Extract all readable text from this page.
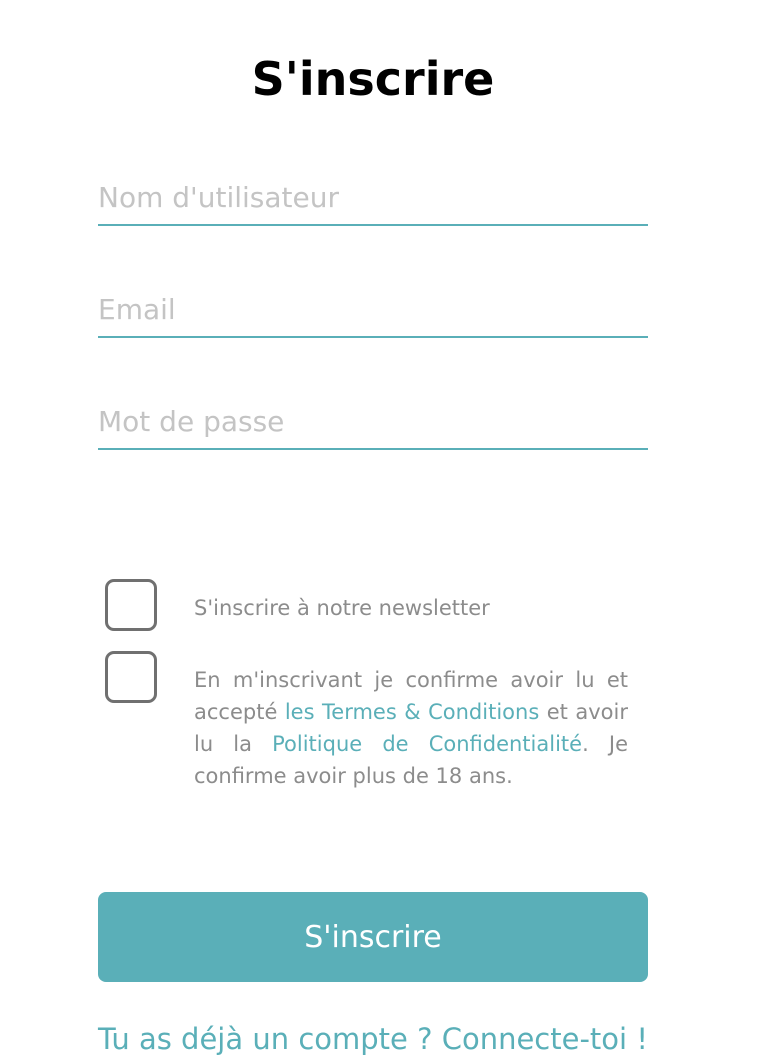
S'inscrire
Nom d'utilisateur
Email
S'inscrire à notre newsletter
En m'inscrivant je confirme avoir lu et accepté les Termes & Conditions et avoir lu la Politique de Confidentialité. Je confirme avoir plus de 18 ans.
S'inscrire
Tu as déjà un compte ? Connecte-toi !
